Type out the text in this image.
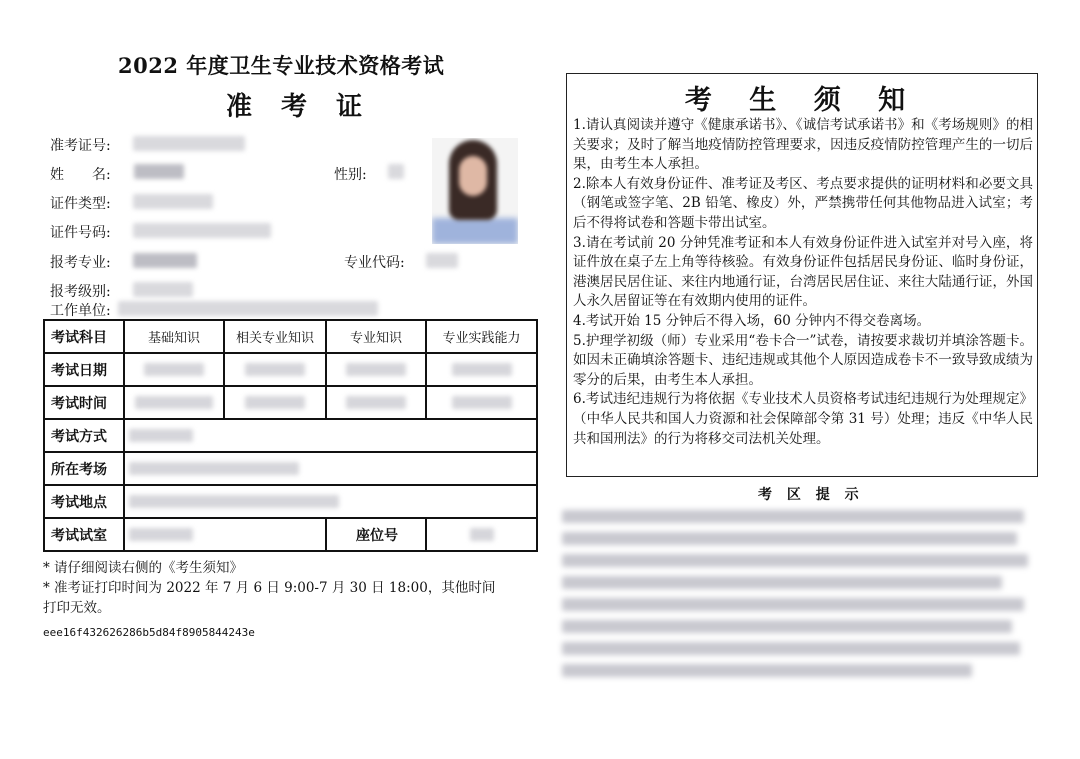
2022 年度卫生专业技术资格考试
准 考 证
准考证号:
姓　　名:	性别:
证件类型:
证件号码:
报考专业:	专业代码:
报考级别:
工作单位:
考试科目	基础知识	相关专业知识	专业知识	专业实践能力
考试日期				
考试时间				
考试方式				
所在考场				
考试地点				
考试试室			座位号	
* 请仔细阅读右侧的《考生须知》
* 准考证打印时间为 2022 年 7 月 6 日 9:00-7 月 30 日 18:00，其他时间
打印无效。
eee16f432626286b5d84f8905844243e
考 生 须 知
1.请认真阅读并遵守《健康承诺书》、《诚信考试承诺书》和《考场规则》的相关要求；及时了解当地疫情防控管理要求，因违反疫情防控管理产生的一切后果，由考生本人承担。
2.除本人有效身份证件、准考证及考区、考点要求提供的证明材料和必要文具（钢笔或签字笔、2B 铅笔、橡皮）外，严禁携带任何其他物品进入试室；考后不得将试卷和答题卡带出试室。
3.请在考试前 20 分钟凭准考证和本人有效身份证件进入试室并对号入座，将证件放在桌子左上角等待核验。有效身份证件包括居民身份证、临时身份证，港澳居民居住证、来往内地通行证，台湾居民居住证、来往大陆通行证，外国人永久居留证等在有效期内使用的证件。
4.考试开始 15 分钟后不得入场，60 分钟内不得交卷离场。
5.护理学初级（师）专业采用“卷卡合一”试卷，请按要求裁切并填涂答题卡。如因未正确填涂答题卡、违纪违规或其他个人原因造成卷卡不一致导致成绩为零分的后果，由考生本人承担。
6.考试违纪违规行为将依据《专业技术人员资格考试违纪违规行为处理规定》（中华人民共和国人力资源和社会保障部令第 31 号）处理；违反《中华人民共和国刑法》的行为将移交司法机关处理。
考 区 提 示
